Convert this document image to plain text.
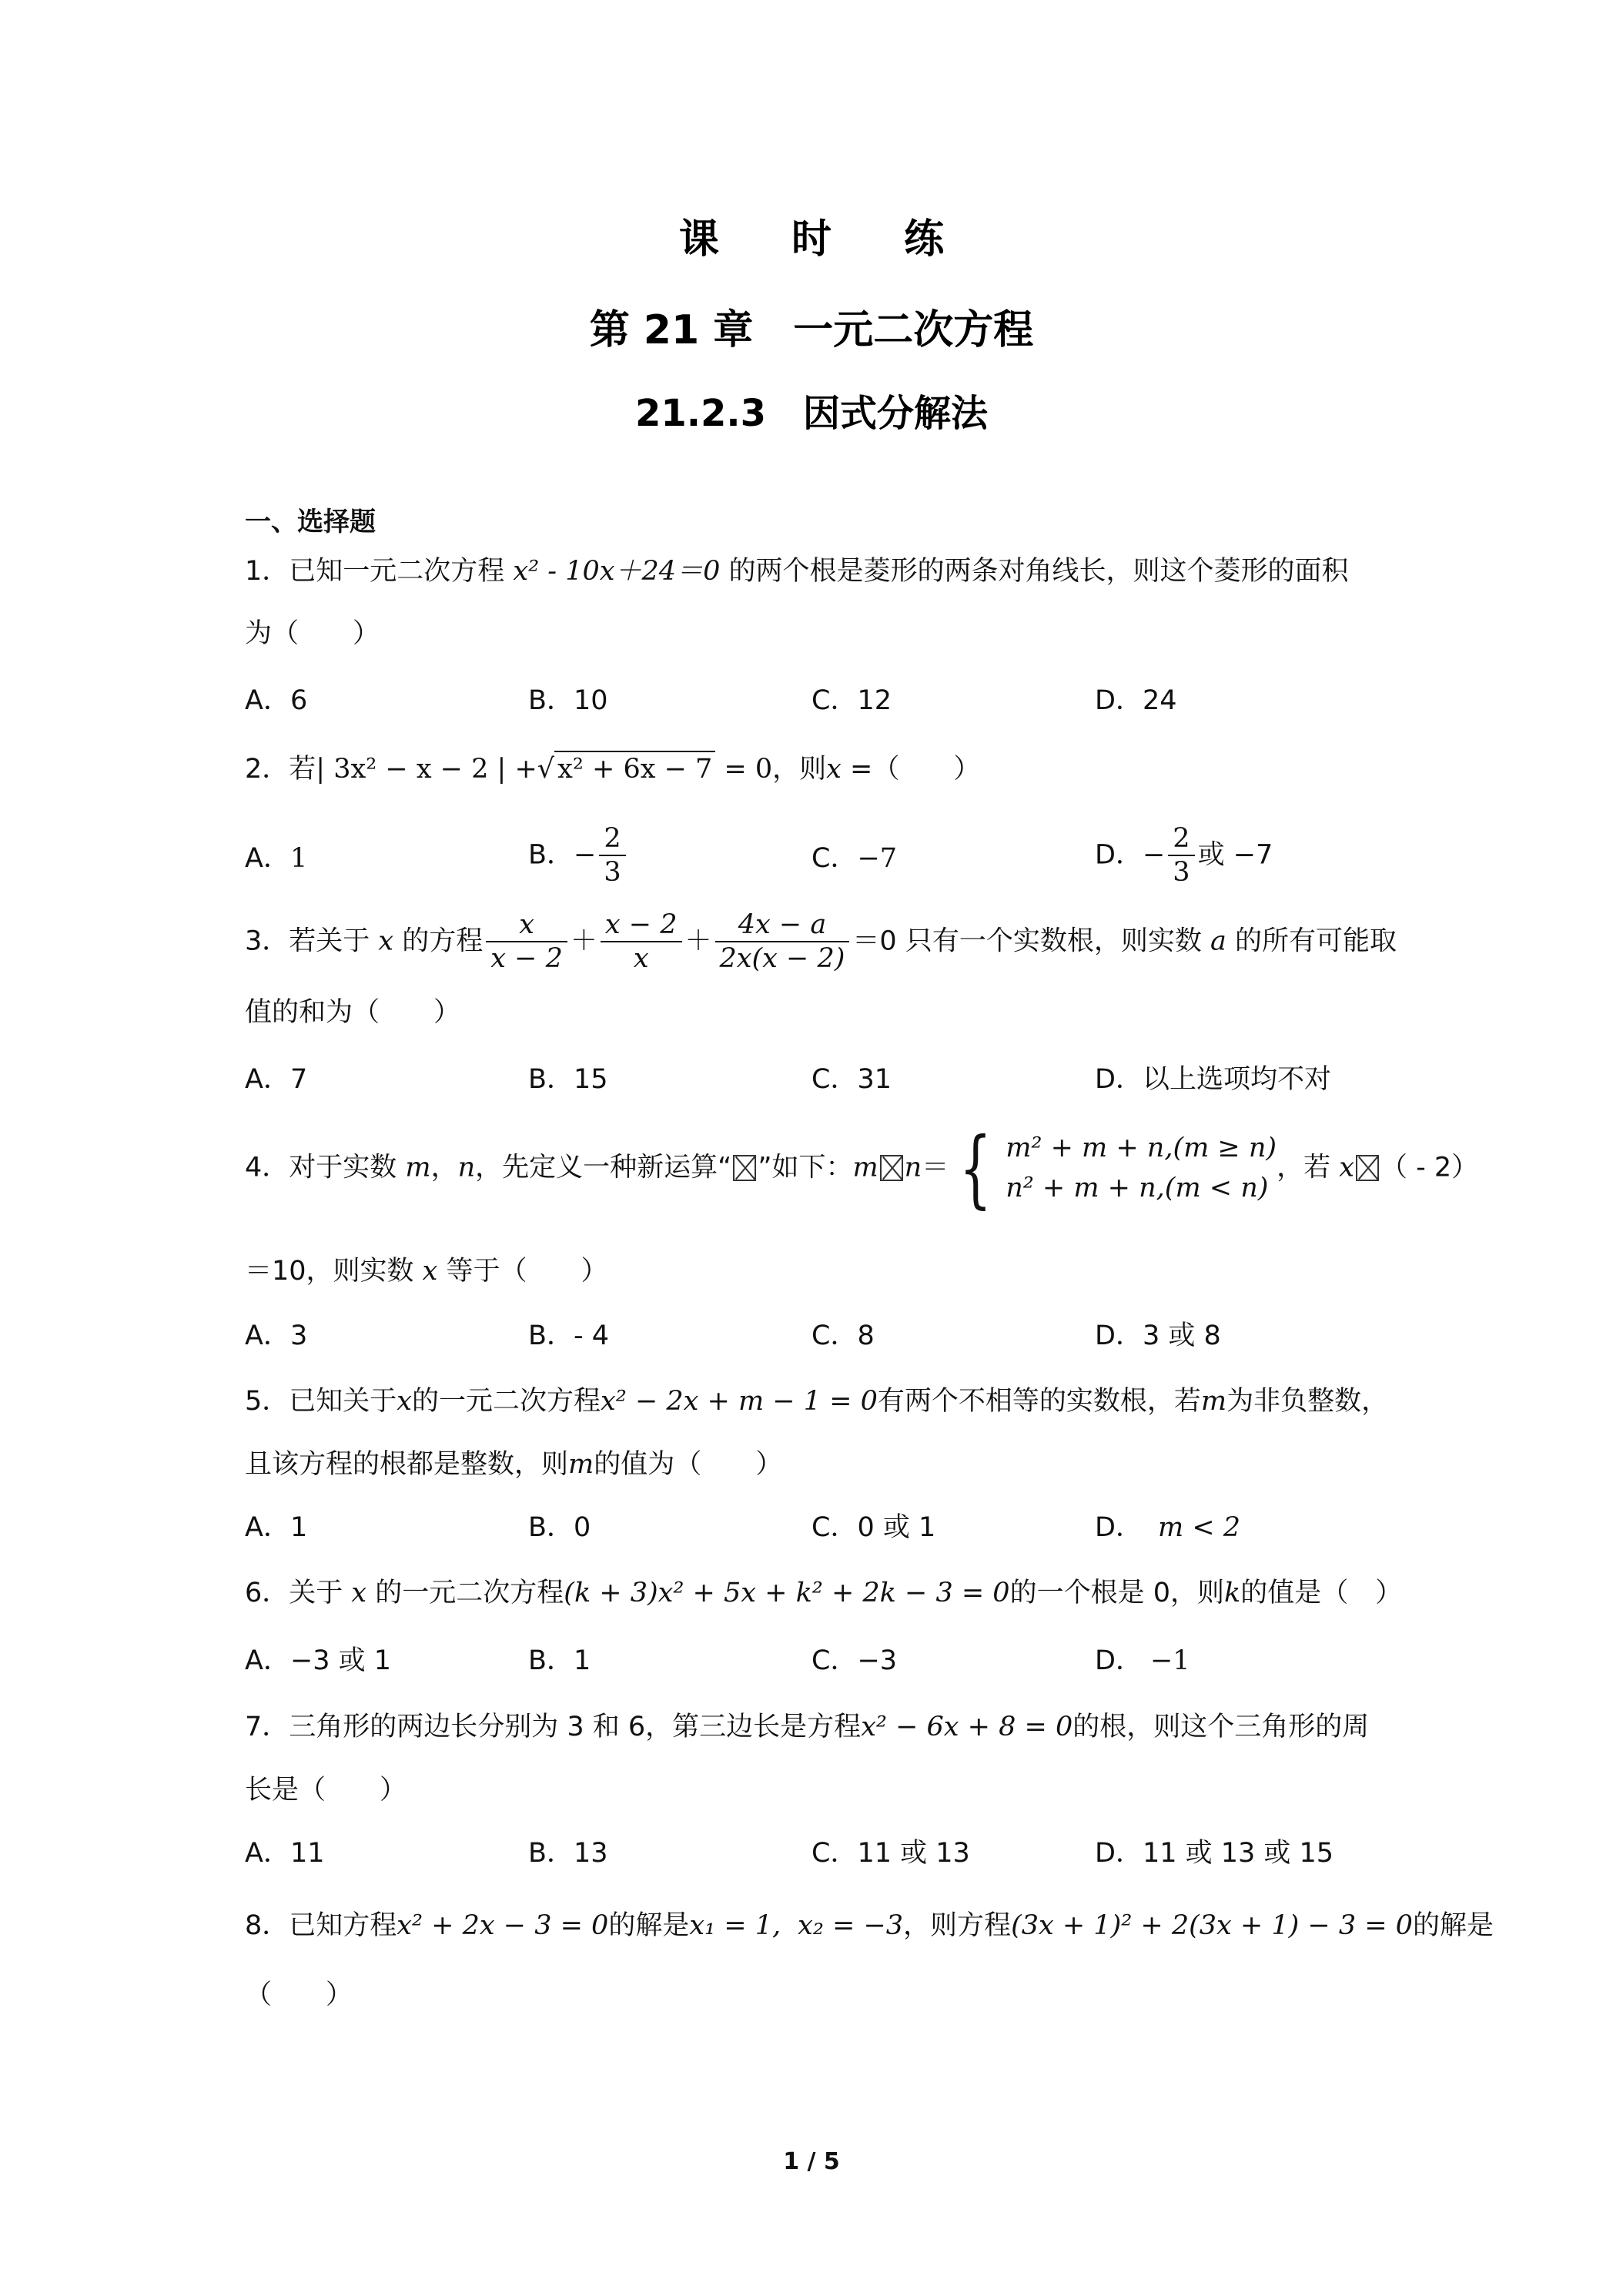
课 时 练
第 21 章　一元二次方程
21.2.3　因式分解法
一、选择题
1．已知一元二次方程 x² - 10x＋24＝0 的两个根是菱形的两条对角线长，则这个菱形的面积
为（　　）
A．6	B．10	C．12	D．24
2．若| 3x² − x − 2 | +√ x² + 6x − 7 = 0，则x =（　　）
A．1	B．− $\frac{2}{3}$	C．−7	D．− $\frac{2}{3}$ 或 −7
3．若关于 x 的方程 $\frac{x}{x - 2} + \frac{x - 2}{x} + \frac{4x - a}{2x(x - 2)} =0$ 只有一个实数根，则实数 a 的所有可能取
值的和为（　　）
A．7	B．15	C．31	D．以上选项均不对
4．对于实数 m，n，先定义一种新运算“ ”如下：m n＝ { m² + m + n,(m ≥ n)
n² + m + n,(m < n)
，若 x （ - 2）
＝10，则实数 x 等于（　　）
A．3	B．- 4	C．8	D．3 或 8
5．已知关于x的一元二次方程x² − 2x + m − 1 = 0有两个不相等的实数根，若m为非负整数，
且该方程的根都是整数，则m的值为（　　）
A．1	B．0	C．0 或 1	D． m < 2
6．关于 x 的一元二次方程(k + 3)x² + 5x + k² + 2k − 3 = 0的一个根是 0，则k的值是（　）
A．−3 或 1	B．1	C．−3	D． −1
7．三角形的两边长分别为 3 和 6，第三边长是方程x² − 6x + 8 = 0的根，则这个三角形的周
长是（　　）
A．11	B．13	C．11 或 13	D．11 或 13 或 15
8．已知方程x² + 2x − 3 = 0的解是x₁ = 1, x₂ = −3，则方程(3x + 1)² + 2(3x + 1) − 3 = 0的解是
（　　）
1 / 5
